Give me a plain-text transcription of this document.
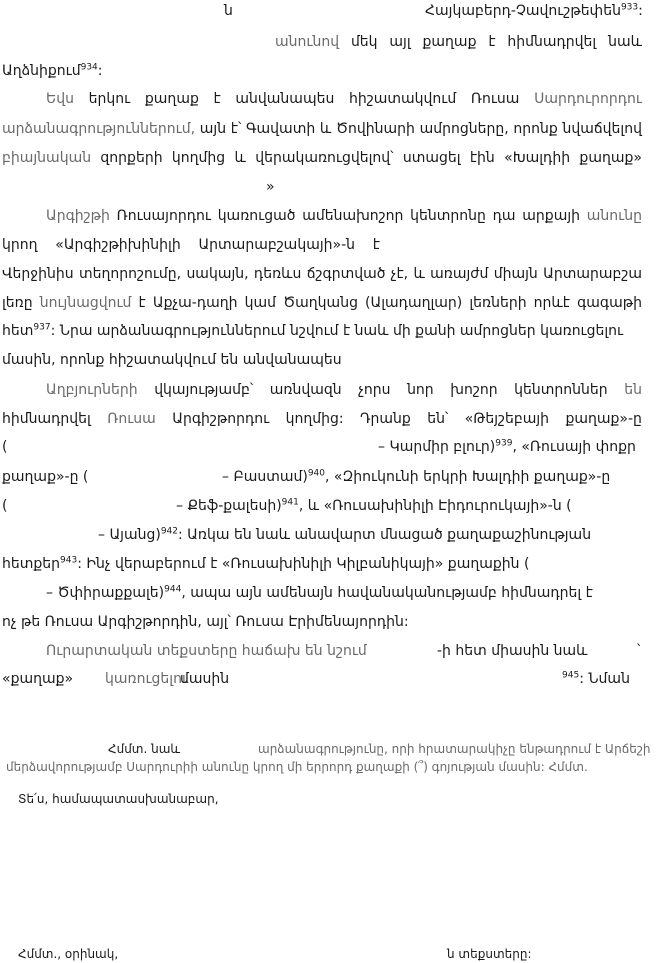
ն	Հայկաբերդ-Չավուշթեփեն$^{933}$:
անունով մեկ այլ քաղաք է հիմնադրվել նաև
Աղձնիքում$^{934}$:
Եվս երկու քաղաք է անվանապես հիշատակվում Ռուսա Սարդուրորդու
արձանագրություններում, այն է՝ Գավատի և Ծովինարի ամրոցները, որոնք նվաճվելով
բիայնական զորքերի կողմից և վերակառուցվելով՝ ստացել էին «Խալդիի քաղաք»
»
Արգիշթի Ռուսայորդու կառուցած ամենախոշոր կենտրոնը դա արքայի անունը
կրող «Արգիշթիխինիլի Արտարաբշակայի»-ն է
Վերջինիս տեղորոշումը, սակայն, դեռևս ճշգրտված չէ, և առայժմ միայն Արտարաբշա
լեռը նույնացվում է Աքչա-դաղի կամ Ծաղկանց (Ալադաղլար) լեռների որևէ գագաթի
հետ$^{937}$: Նրա արձանագրություններում նշվում է նաև մի քանի ամրոցներ կառուցելու
մասին, որոնք հիշատակվում են անվանապես
Աղբյուրների վկայությամբ՝ առնվազն չորս նոր խոշոր կենտրոններ են
հիմնադրվել Ռուսա Արգիշթորդու կողմից: Դրանք են՝ «Թեյշեբայի քաղաք»-ը
(	– Կարմիր բլուր)$^{939}$, «Ռուսայի փոքր
քաղաք»-ը (	– Բաստամ)$^{940}$, «Զիուկունի երկրի Խալդիի քաղաք»-ը
(	– Քեֆ-քալեսի)$^{941}$, և «Ռուսախինիլի Էիդուրուկայի»-ն (
– Այանց)$^{942}$: Առկա են նաև անավարտ մնացած քաղաքաշինության
հետքեր$^{943}$: Ինչ վերաբերում է «Ռուսախինիլի Կիլբանիկայի» քաղաքին (
– Ծփիրաքքալե)$^{944}$, ապա այն ամենայն հավանականությամբ հիմնադրել է
ոչ թե Ռուսա Արգիշթորդին, այլ՝ Ռուսա Էրիմենայորդին:
Ուրարտական տեքստերը հաճախ են նշում	-ի հետ միասին նաև	՝
«քաղաք» կառուցելու
մասին	$^{945}$: Նման
Հմմտ. նաև	արձանագրությունը, որի հրատարակիչը ենթադրում է Արճեշի
մերձավորությամբ Սարդուրիի անունը կրող մի երրորդ քաղաքի (՞) գոյության մասին: Հմմտ.
Տե՛ս, համապատասխանաբար,
Հմմտ., օրինակ,	ն տեքստերը:
